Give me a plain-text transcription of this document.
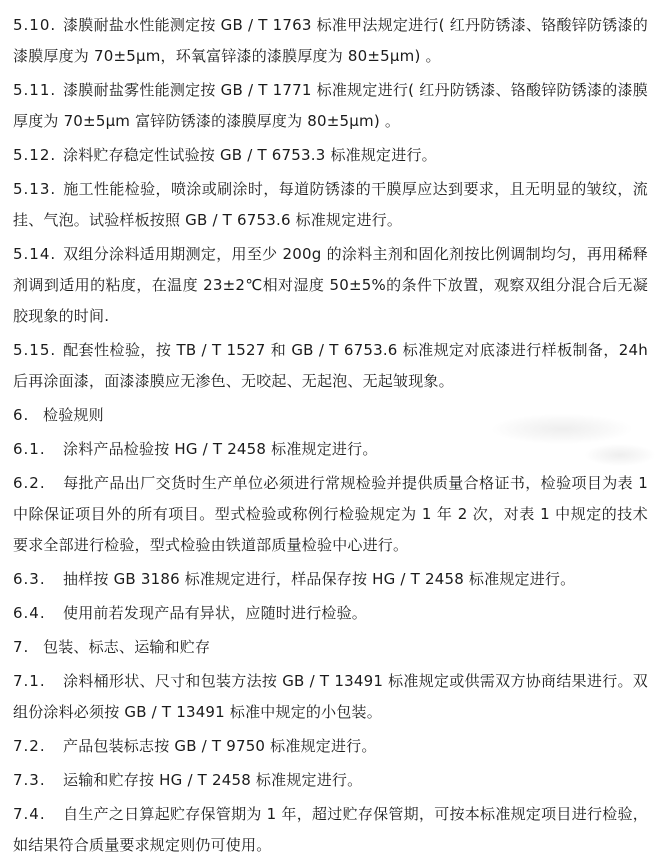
5.10. 漆膜耐盐水性能测定按 GB / T 1763 标准甲法规定进行( 红丹防锈漆、铬酸锌防锈漆的漆膜厚度为 70±5μm，环氧富锌漆的漆膜厚度为 80±5μm) 。

5.11. 漆膜耐盐雾性能测定按 GB / T 1771 标准规定进行( 红丹防锈漆、铬酸锌防锈漆的漆膜厚度为 70±5μm 富锌防锈漆的漆膜厚度为 80±5μm) 。

5.12. 涂料贮存稳定性试验按 GB / T 6753.3 标准规定进行。

5.13. 施工性能检验，喷涂或刷涂时，每道防锈漆的干膜厚应达到要求，且无明显的皱纹，流挂、气泡。试验样板按照 GB / T 6753.6 标准规定进行。

5.14. 双组分涂料适用期测定，用至少 200g 的涂料主剂和固化剂按比例调制均匀，再用稀释剂调到适用的粘度，在温度 23±2℃相对湿度 50±5%的条件下放置，观察双组分混合后无凝胶现象的时间.

5.15. 配套性检验，按 TB / T 1527 和 GB / T 6753.6 标准规定对底漆进行样板制备，24h 后再涂面漆，面漆漆膜应无渗色、无咬起、无起泡、无起皱现象。

6. 检验规则

6.1. 涂料产品检验按 HG / T 2458 标准规定进行。

6.2. 每批产品出厂交货时生产单位必须进行常规检验并提供质量合格证书，检验项目为表 1 中除保证项目外的所有项目。型式检验或称例行检验规定为 1 年 2 次，对表 1 中规定的技术要求全部进行检验，型式检验由铁道部质量检验中心进行。

6.3. 抽样按 GB 3186 标准规定进行，样品保存按 HG / T 2458 标准规定进行。

6.4. 使用前若发现产品有异状，应随时进行检验。

7. 包装、标志、运输和贮存

7.1. 涂料桶形状、尺寸和包装方法按 GB / T 13491 标准规定或供需双方协商结果进行。双组份涂料必须按 GB / T 13491 标准中规定的小包装。

7.2. 产品包装标志按 GB / T 9750 标准规定进行。

7.3. 运输和贮存按 HG / T 2458 标准规定进行。

7.4. 自生产之日算起贮存保管期为 1 年，超过贮存保管期，可按本标准规定项目进行检验，如结果符合质量要求规定则仍可使用。
